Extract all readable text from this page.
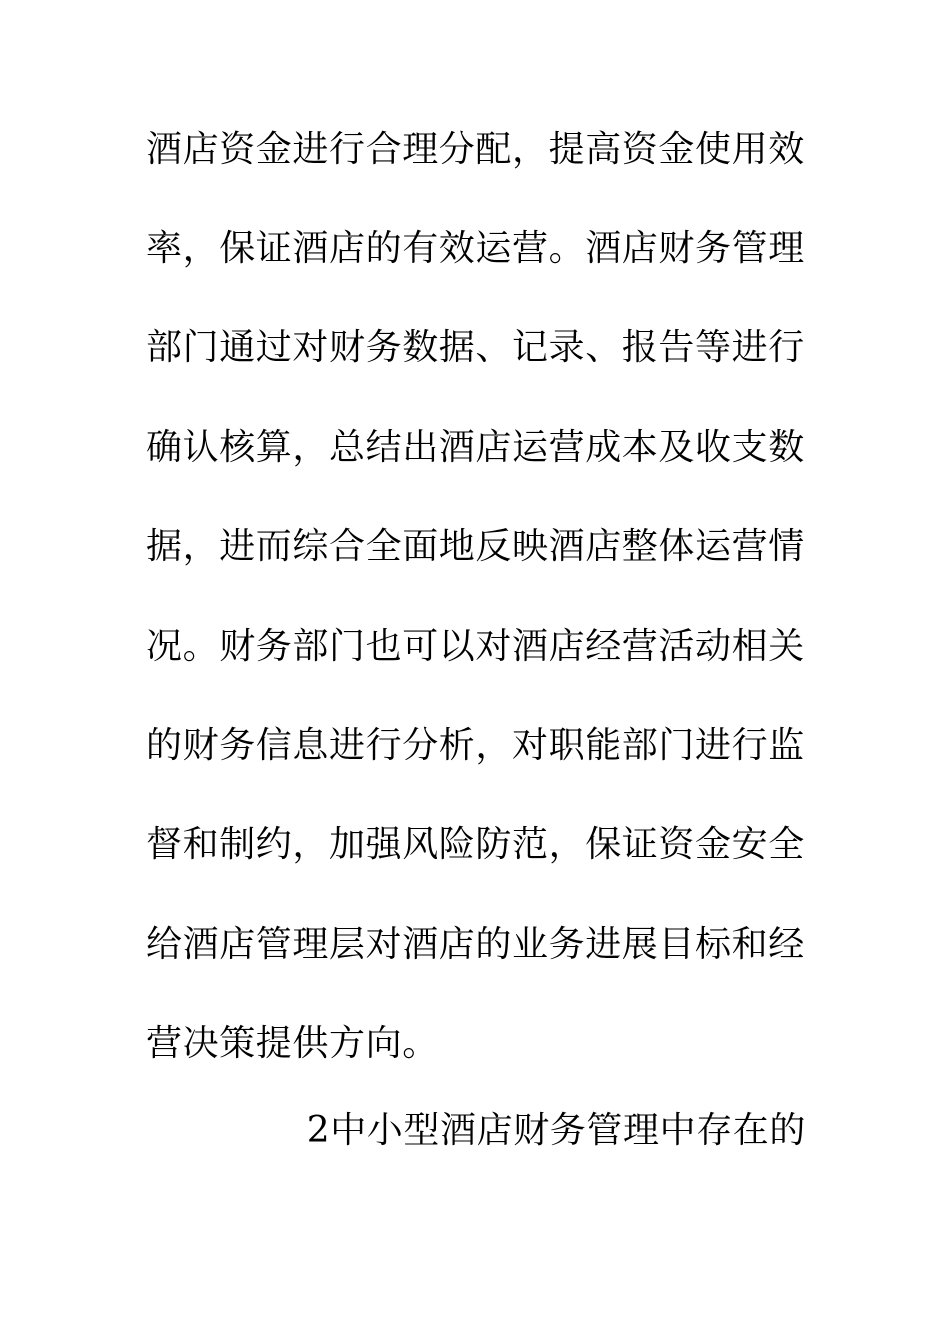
酒店资金进行合理分配，提高资金使用效
率，保证酒店的有效运营。酒店财务管理
部门通过对财务数据、记录、报告等进行
确认核算，总结出酒店运营成本及收支数
据，进而综合全面地反映酒店整体运营情
况。财务部门也可以对酒店经营活动相关
的财务信息进行分析，对职能部门进行监
督和制约，加强风险防范，保证资金安全
给酒店管理层对酒店的业务进展目标和经
营决策提供方向。
2中小型酒店财务管理中存在的
